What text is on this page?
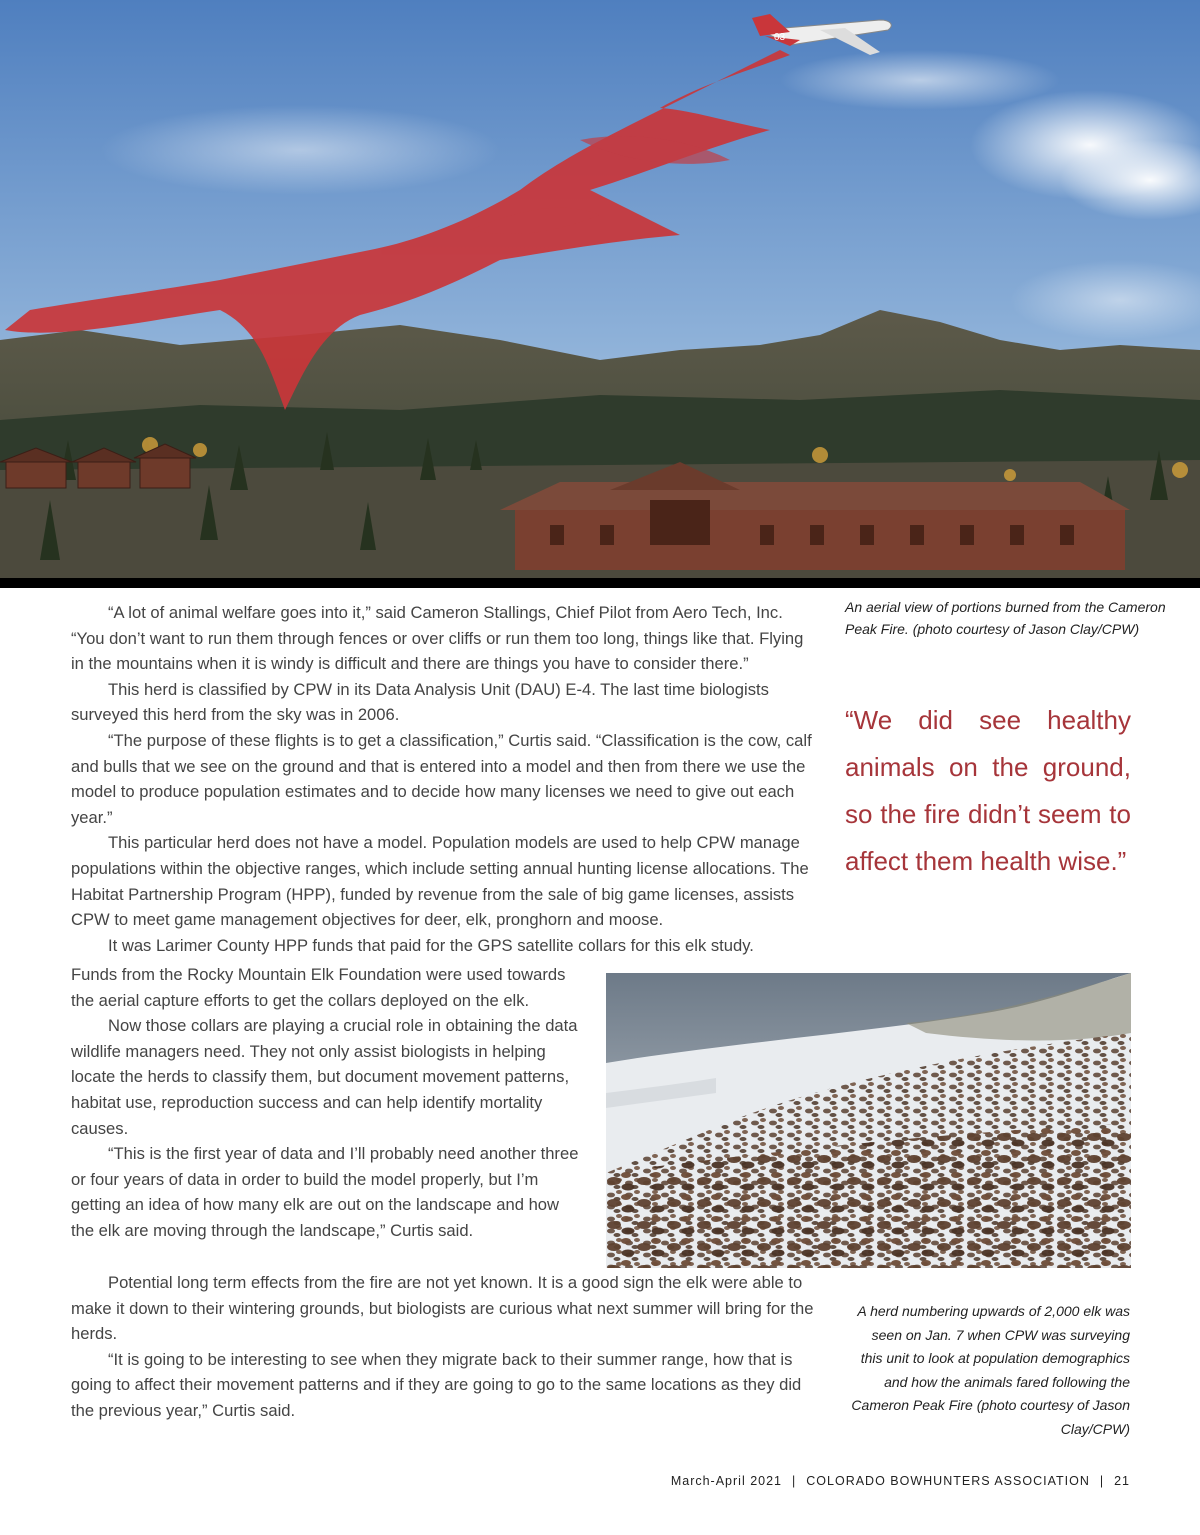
03
An aerial view of portions burned from the Cameron Peak Fire. (photo courtesy of Jason Clay/CPW)
“We did see healthy animals on the ground, so the fire didn’t seem to affect them health wise.”

“A lot of animal welfare goes into it,” said Cameron Stallings, Chief Pilot from Aero Tech, Inc. “You don’t want to run them through fences or over cliffs or run them too long, things like that. Flying in the mountains when it is windy is difficult and there are things you have to consider there.”

This herd is classified by CPW in its Data Analysis Unit (DAU) E-4. The last time biologists surveyed this herd from the sky was in 2006.

“The purpose of these flights is to get a classification,” Curtis said. “Classification is the cow, calf and bulls that we see on the ground and that is entered into a model and then from there we use the model to produce population estimates and to decide how many licenses we need to give out each year.”

This particular herd does not have a model. Population models are used to help CPW manage populations within the objective ranges, which include setting annual hunting license allocations. The Habitat Partnership Program (HPP), funded by revenue from the sale of big game licenses, assists CPW to meet game management objectives for deer, elk, pronghorn and moose.

It was Larimer County HPP funds that paid for the GPS satellite collars for this elk study.

Funds from the Rocky Mountain Elk Foundation were used towards the aerial capture efforts to get the collars deployed on the elk.

Now those collars are playing a crucial role in obtaining the data wildlife managers need. They not only assist biologists in helping locate the herds to classify them, but document movement patterns, habitat use, reproduction success and can help identify mortality causes.

“This is the first year of data and I’ll probably need another three or four years of data in order to build the model properly, but I’m getting an idea of how many elk are out on the landscape and how the elk are moving through the landscape,” Curtis said.

Potential long term effects from the fire are not yet known. It is a good sign the elk were able to make it down to their wintering grounds, but biologists are curious what next summer will bring for the herds.

“It is going to be interesting to see when they migrate back to their summer range, how that is going to affect their movement patterns and if they are going to go to the same locations as they did the previous year,” Curtis said.

A herd numbering upwards of 2,000 elk was seen on Jan. 7 when CPW was surveying this unit to look at population demographics and how the animals fared following the Cameron Peak Fire (photo courtesy of Jason Clay/CPW)
March-April 2021 | COLORADO BOWHUNTERS ASSOCIATION | 21
